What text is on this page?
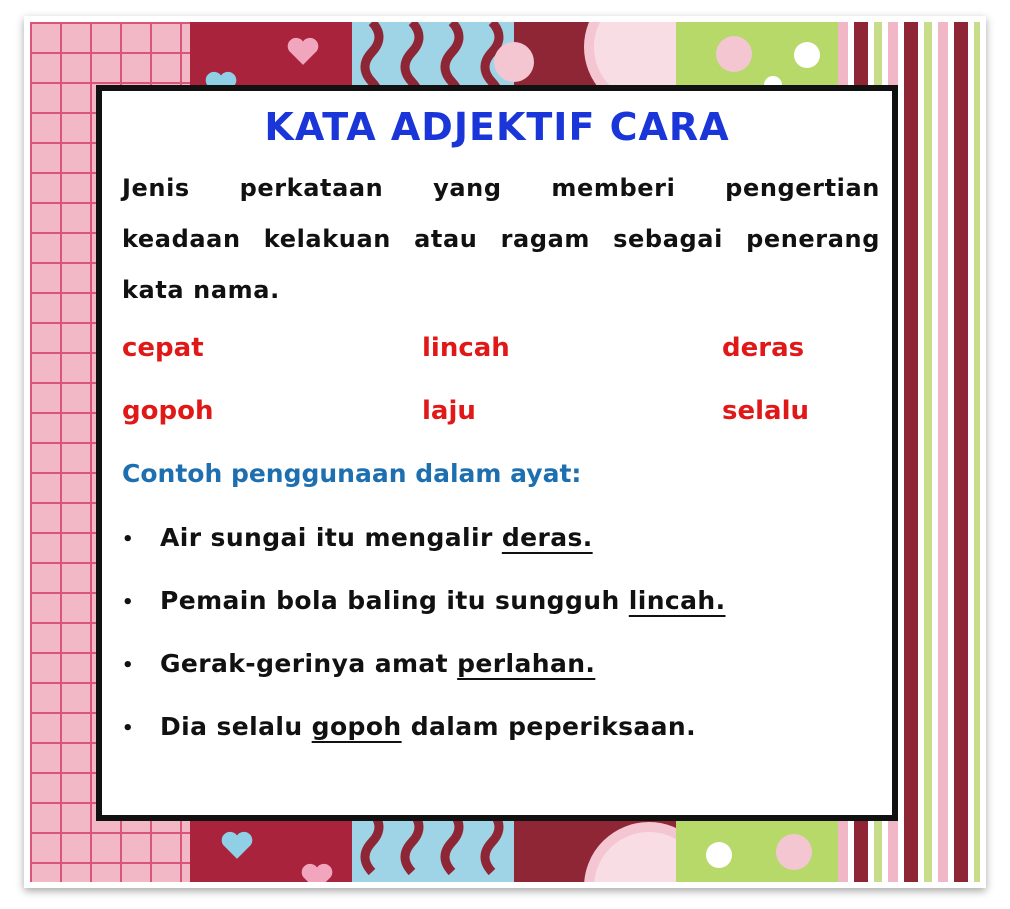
KATA ADJEKTIF CARA
Jenis perkataan yang memberi pengertian
keadaan kelakuan atau ragam sebagai penerang
kata nama.
cepat	lincah	deras
gopoh	laju	selalu
Contoh penggunaan dalam ayat:
• Air sungai itu mengalir deras.
• Pemain bola baling itu sungguh lincah.
• Gerak-gerinya amat perlahan.
• Dia selalu gopoh dalam peperiksaan.
